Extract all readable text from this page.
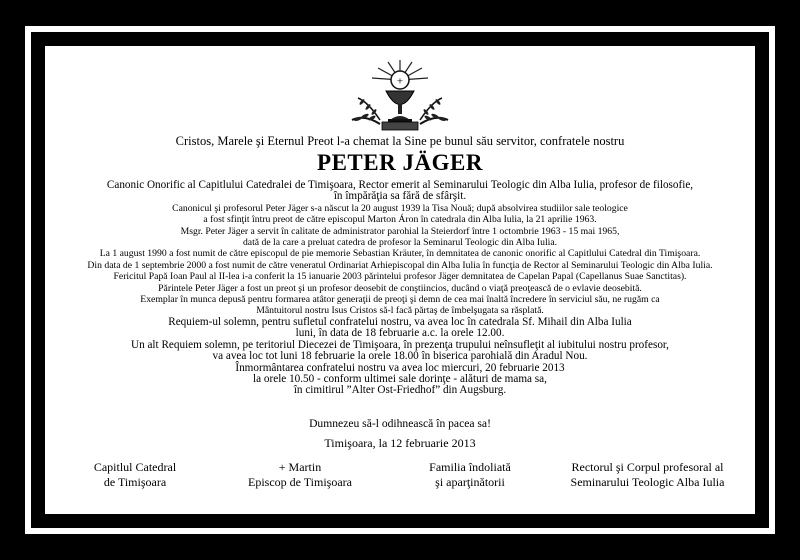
+
Cristos, Marele şi Eternul Preot l-a chemat la Sine pe bunul său servitor, confratele nostru
PETER JÄGER
Canonic Onorific al Capitlului Catedralei de Timişoara, Rector emerit al Seminarului Teologic din Alba Iulia, profesor de filosofie,
în împărăţia sa fără de sfârşit.
Canonicul şi profesorul Peter Jäger s-a născut la 20 august 1939 la Tisa Nouă; după absolvirea studiilor sale teologice
a fost sfinţit întru preot de către episcopul Marton Áron în catedrala din Alba Iulia, la 21 aprilie 1963.
Msgr. Peter Jäger a servit în calitate de administrator parohial la Steierdorf între 1 octombrie 1963 - 15 mai 1965,
dată de la care a preluat catedra de profesor la Seminarul Teologic din Alba Iulia.
La 1 august 1990 a fost numit de către episcopul de pie memorie Sebastian Kräuter, în demnitatea de canonic onorific al Capitlului Catedral din Timişoara.
Din data de 1 septembrie 2000 a fost numit de către veneratul Ordinariat Arhiepiscopal din Alba Iulia în funcţia de Rector al Seminarului Teologic din Alba Iulia.
Fericitul Papă Ioan Paul al II-lea i-a conferit la 15 ianuarie 2003 părintelui profesor Jäger demnitatea de Capelan Papal (Capellanus Suae Sanctitas).
Părintele Peter Jäger a fost un preot şi un profesor deosebit de conştiincios, ducând o viaţă preoţească de o evlavie deosebită.
Exemplar în munca depusă pentru formarea atâtor generaţii de preoţi şi demn de cea mai înaltă încredere în serviciul său, ne rugăm ca
Mântuitorul nostru Isus Cristos să-l facă părtaş de îmbelşugata sa răsplată.
Requiem-ul solemn, pentru sufletul confratelui nostru, va avea loc în catedrala Sf. Mihail din Alba Iulia
luni, în data de 18 februarie a.c. la orele 12.00.
Un alt Requiem solemn, pe teritoriul Diecezei de Timişoara, în prezenţa trupului neînsufleţit al iubitului nostru profesor,
va avea loc tot luni 18 februarie la orele 18.00 în biserica parohială din Aradul Nou.
Înmormântarea confratelui nostru va avea loc miercuri, 20 februarie 2013
la orele 10.50 - conform ultimei sale dorinţe - alături de mama sa,
în cimitirul ”Alter Ost-Friedhof” din Augsburg.
Dumnezeu să-l odihnească în pacea sa!
Timişoara, la 12 februarie 2013
Capitlul Catedral
de Timişoara
+ Martin
Episcop de Timişoara
Familia îndoliată
şi aparţinătorii
Rectorul şi Corpul profesoral al
Seminarului Teologic Alba Iulia
